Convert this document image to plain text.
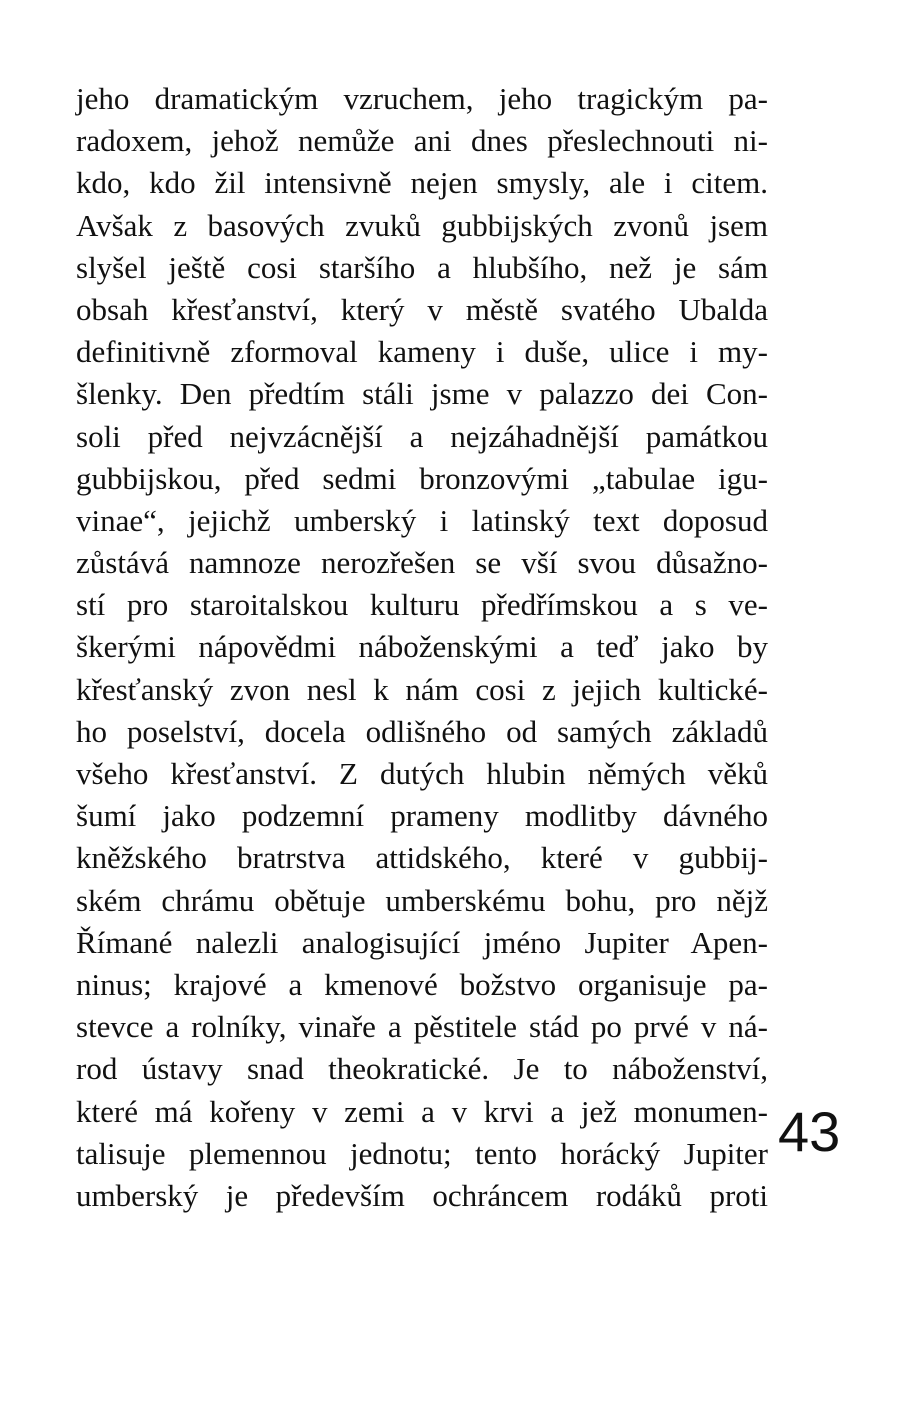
jeho dramatickým vzruchem, jeho tragickým pa-
radoxem, jehož nemůže ani dnes přeslechnouti ni-
kdo, kdo žil intensivně nejen smysly, ale i citem.
Avšak z basových zvuků gubbijských zvonů jsem
slyšel ještě cosi staršího a hlubšího, než je sám
obsah křesťanství, který v městě svatého Ubalda
definitivně zformoval kameny i duše, ulice i my-
šlenky. Den předtím stáli jsme v palazzo dei Con-
soli před nejvzácnější a nejzáhadnější památkou
gubbijskou, před sedmi bronzovými „tabulae igu-
vinae“, jejichž umberský i latinský text doposud
zůstává namnoze nerozřešen se vší svou důsažno-
stí pro staroitalskou kulturu předřímskou a s ve-
škerými nápovědmi náboženskými a teď jako by
křesťanský zvon nesl k nám cosi z jejich kultické-
ho poselství, docela odlišného od samých základů
všeho křesťanství. Z dutých hlubin němých věků
šumí jako podzemní prameny modlitby dávného
kněžského bratrstva attidského, které v gubbij-
ském chrámu obětuje umberskému bohu, pro nějž
Římané nalezli analogisující jméno Jupiter Apen-
ninus; krajové a kmenové božstvo organisuje pa-
stevce a rolníky, vinaře a pěstitele stád po prvé v ná-
rod ústavy snad theokratické. Je to náboženství,
které má kořeny v zemi a v krvi a jež monumen-
talisuje plemennou jednotu; tento horácký Jupiter
umberský je především ochráncem rodáků proti
43
